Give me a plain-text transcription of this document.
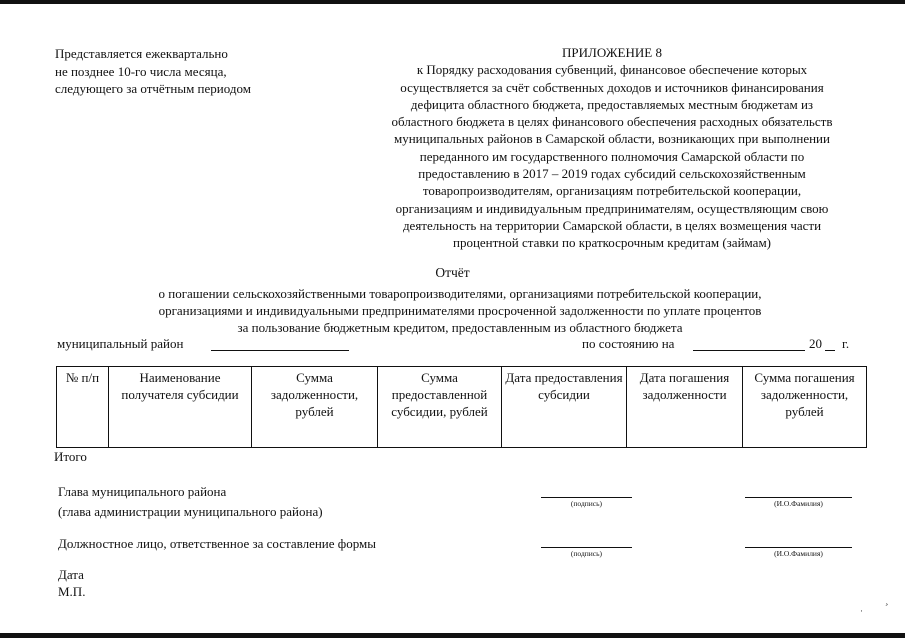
Представляется ежеквартально
не позднее 10-го числа месяца,
следующего за отчётным периодом
ПРИЛОЖЕНИЕ 8
к Порядку расходования субвенций, финансовое обеспечение которых
осуществляется за счёт собственных доходов и источников финансирования
дефицита областного бюджета, предоставляемых местным бюджетам из
областного бюджета в целях финансового обеспечения расходных обязательств
муниципальных районов в Самарской области, возникающих при выполнении
переданного им государственного полномочия Самарской области по
предоставлению в 2017 – 2019 годах субсидий сельскохозяйственным
товаропроизводителям, организациям потребительской кооперации,
организациям и индивидуальным предпринимателям, осуществляющим свою
деятельность на территории Самарской области, в целях возмещения части
процентной ставки по краткосрочным кредитам (займам)
Отчёт
о погашении сельскохозяйственными товаропроизводителями, организациями потребительской кооперации,
организациями и индивидуальными предпринимателями просроченной задолженности по уплате процентов
за пользование бюджетным кредитом, предоставленным из областного бюджета
муниципальный район	по состоянию на	20 г.
№ п/п	Наименование получателя субсидии	Сумма задолженности, рублей	Сумма предоставленной субсидии, рублей	Дата предоставления субсидии	Дата погашения задолженности	Сумма погашения задолженности, рублей
Итого
Глава муниципального района
(глава администрации муниципального района)
(подпись)	(И.О.Фамилия)
Должностное лицо, ответственное за составление формы
(подпись)	(И.О.Фамилия)
Дата
М.П.
¸
·
